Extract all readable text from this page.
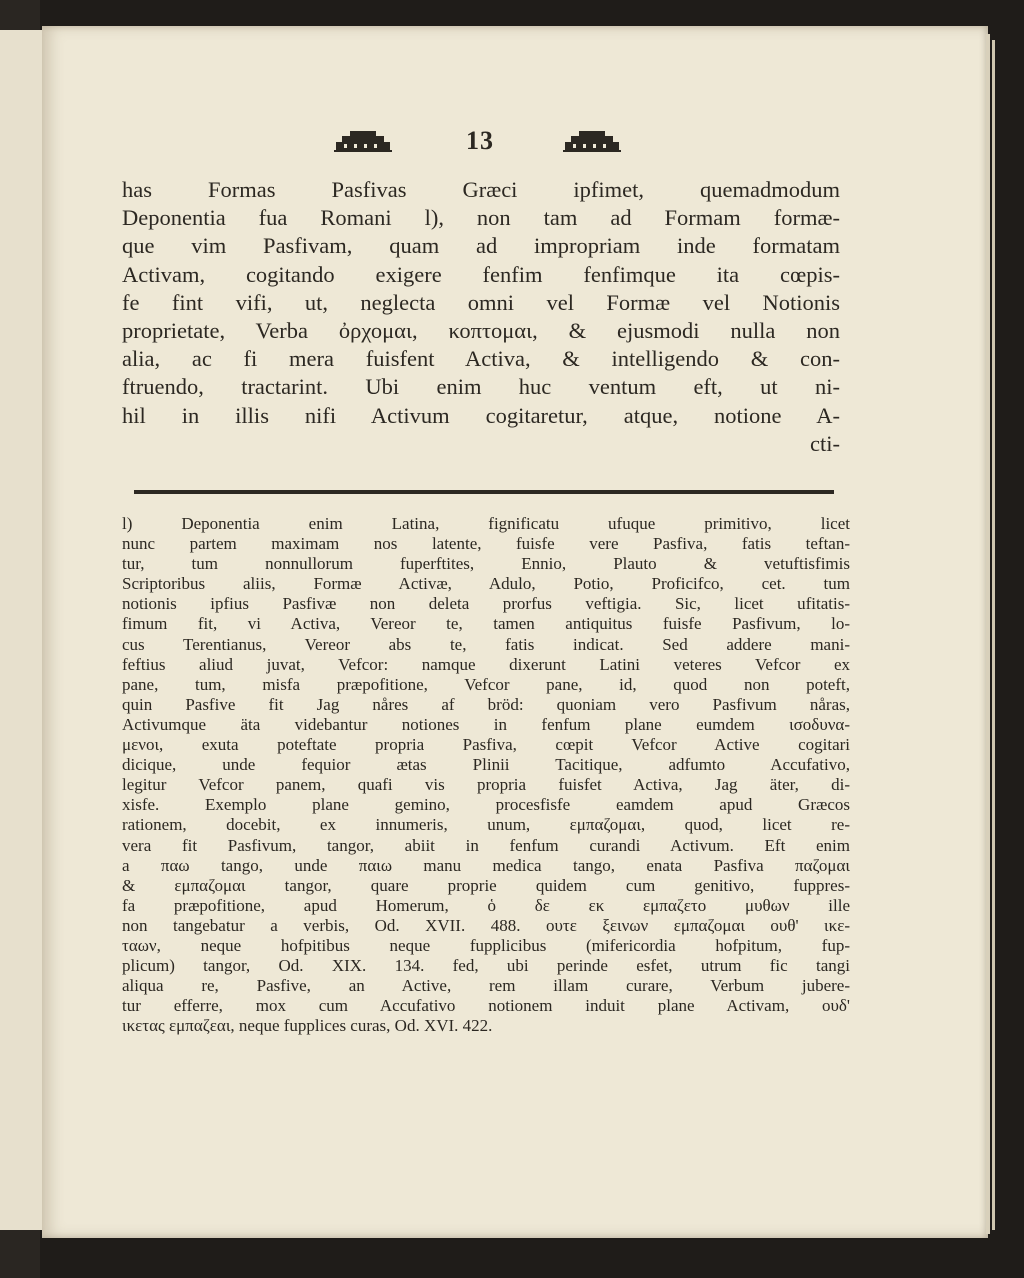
13
has Formas Pasfivas Græci ipfimet, quemadmodum
Deponentia fua Romani l), non tam ad Formam formæ-
que vim Pasfivam, quam ad impropriam inde formatam
Activam, cogitando exigere fenfim fenfimque ita cœpis-
fe fint vifi, ut, neglecta omni vel Formæ vel Notionis
proprietate, Verba ὀρχομαι, κοπτομαι, & ejusmodi nulla non
alia, ac fi mera fuisfent Activa, & intelligendo & con-
ftruendo, tractarint. Ubi enim huc ventum eft, ut ni-
hil in illis nifi Activum cogitaretur, atque, notione A-
cti-
l) Deponentia enim Latina, fignificatu ufuque primitivo, licet
nunc partem maximam nos latente, fuisfe vere Pasfiva, fatis teftan-
tur, tum nonnullorum fuperftites, Ennio, Plauto & vetuftisfimis
Scriptoribus aliis, Formæ Activæ, Adulo, Potio, Proficifco, cet. tum
notionis ipfius Pasfivæ non deleta prorfus veftigia. Sic, licet ufitatis-
fimum fit, vi Activa, Vereor te, tamen antiquitus fuisfe Pasfivum, lo-
cus Terentianus, Vereor abs te, fatis indicat. Sed addere mani-
feftius aliud juvat, Vefcor: namque dixerunt Latini veteres Vefcor ex
pane, tum, misfa præpofitione, Vefcor pane, id, quod non poteft,
quin Pasfive fit Jag nåres af bröd: quoniam vero Pasfivum nåras,
Activumque äta videbantur notiones in fenfum plane eumdem ισοδυνα-
μενοι, exuta poteftate propria Pasfiva, cœpit Vefcor Active cogitari
dicique, unde fequior ætas Plinii Tacitique, adfumto Accufativo,
legitur Vefcor panem, quafi vis propria fuisfet Activa, Jag äter, di-
xisfe. Exemplo plane gemino, procesfisfe eamdem apud Græcos
rationem, docebit, ex innumeris, unum, εμπαζομαι, quod, licet re-
vera fit Pasfivum, tangor, abiit in fenfum curandi Activum. Eft enim
a παω tango, unde παιω manu medica tango, enata Pasfiva παζομαι
& εμπαζομαι tangor, quare proprie quidem cum genitivo, fuppres-
fa præpofitione, apud Homerum, ὁ δε εκ εμπαζετο μυθων ille
non tangebatur a verbis, Od. XVII. 488. ουτε ξεινων εμπαζομαι ουθ' ικε-
ταων, neque hofpitibus neque fupplicibus (mifericordia hofpitum, fup-
plicum) tangor, Od. XIX. 134. fed, ubi perinde esfet, utrum fic tangi
aliqua re, Pasfive, an Active, rem illam curare, Verbum jubere-
tur efferre, mox cum Accufativo notionem induit plane Activam, ουδ'
ικετας εμπαζεαι, neque fupplices curas, Od. XVI. 422.
